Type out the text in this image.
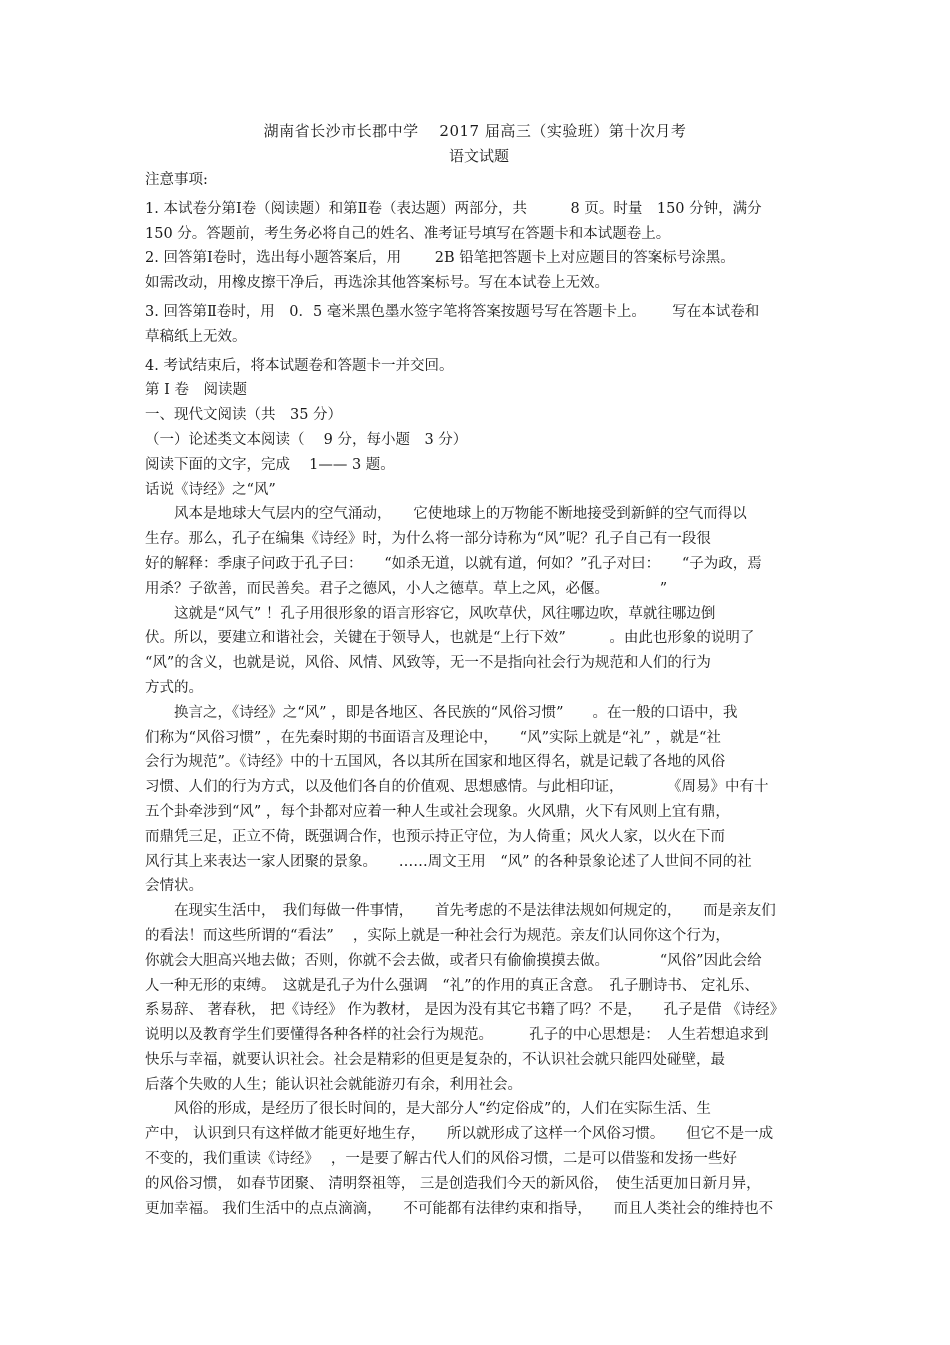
湖南省长沙市长郡中学　 2017 届高三（实验班）第十次月考
语文试题

注意事项:

1. 本试卷分第Ⅰ卷（阅读题）和第Ⅱ卷（表达题）两部分，共　　　8 页。时量　150 分钟，满分

150 分。答题前，考生务必将自己的姓名、准考证号填写在答题卡和本试题卷上。

2. 回答第Ⅰ卷时，选出每小题答案后，用　　 2B 铅笔把答题卡上对应题目的答案标号涂黑。

如需改动，用橡皮擦干净后，再选涂其他答案标号。写在本试卷上无效。

3. 回答第Ⅱ卷时，用　0．5 毫米黑色墨水签字笔将答案按题号写在答题卡上。　　 写在本试卷和

草稿纸上无效。

4. 考试结束后，将本试题卷和答题卡一并交回。

第 I 卷　阅读题

一、现代文阅读（共　35 分）

（一）论述类文本阅读（　 9 分，每小题　3 分）

阅读下面的文字，完成　 1—— 3 题。

话说《诗经》之“风”

　　风本是地球大气层内的空气涌动，　　它使地球上的万物能不断地接受到新鲜的空气而得以

生存。那么，孔子在编集《诗经》时，为什么将一部分诗称为“风”呢？孔子自己有一段很

好的解释：季康子问政于孔子曰：　　“如杀无道，以就有道，何如？”孔子对曰：　　“子为政，焉

用杀？子欲善，而民善矣。君子之德风，小人之德草。草上之风，必偃。　　　　”

　　这就是“风气” ！孔子用很形象的语言形容它，风吹草伏，风往哪边吹，草就往哪边倒

伏。所以，要建立和谐社会，关键在于领导人，也就是“上行下效”　　　。由此也形象的说明了

“风”的含义，也就是说，风俗、风情、风致等，无一不是指向社会行为规范和人们的行为

方式的。

　　换言之，《诗经》之“风” ，即是各地区、各民族的“风俗习惯”　　。在一般的口语中，我

们称为“风俗习惯” ，在先秦时期的书面语言及理论中，　　“风”实际上就是“礼” ，就是“社

会行为规范”。《诗经》中的十五国风，各以其所在国家和地区得名，就是记载了各地的风俗

习惯、人们的行为方式，以及他们各自的价值观、思想感情。与此相印证，　　　　《周易》中有十

五个卦牵涉到“风” ，每个卦都对应着一种人生或社会现象。火风鼎，火下有风则上宜有鼎，

而鼎凭三足，正立不倚，既强调合作，也预示持正守位，为人倚重；风火人家，以火在下而

风行其上来表达一家人团聚的景象。　　……周文王用　“风” 的各种景象论述了人世间不同的社

会情状。

　　在现实生活中，　我们每做一件事情，　　首先考虑的不是法律法规如何规定的，　　而是亲友们

的看法！而这些所谓的“看法”　 ，实际上就是一种社会行为规范。亲友们认同你这个行为，

你就会大胆高兴地去做；否则，你就不会去做，或者只有偷偷摸摸去做。　　　　“风俗”因此会给

人一种无形的束缚。　这就是孔子为什么强调　“礼”的作用的真正含意。　孔子删诗书、 定礼乐、

系易辞、 著春秋， 把《诗经》 作为教材， 是因为没有其它书籍了吗？不是，　　孔子是借 《诗经》

说明以及教育学生们要懂得各种各样的社会行为规范。　　　孔子的中心思想是：　人生若想追求到

快乐与幸福，就要认识社会。社会是精彩的但更是复杂的，不认识社会就只能四处碰壁，最

后落个失败的人生；能认识社会就能游刃有余，利用社会。

　　风俗的形成，是经历了很长时间的，是大部分人“约定俗成”的，人们在实际生活、生

产中， 认识到只有这样做才能更好地生存，　　所以就形成了这样一个风俗习惯。　　但它不是一成

不变的，我们重读《诗经》　 ，一是要了解古代人们的风俗习惯，二是可以借鉴和发扬一些好

的风俗习惯， 如春节团聚、 清明祭祖等， 三是创造我们今天的新风俗，　使生活更加日新月异，

更加幸福。 我们生活中的点点滴滴，　　不可能都有法律约束和指导，　　而且人类社会的维持也不
